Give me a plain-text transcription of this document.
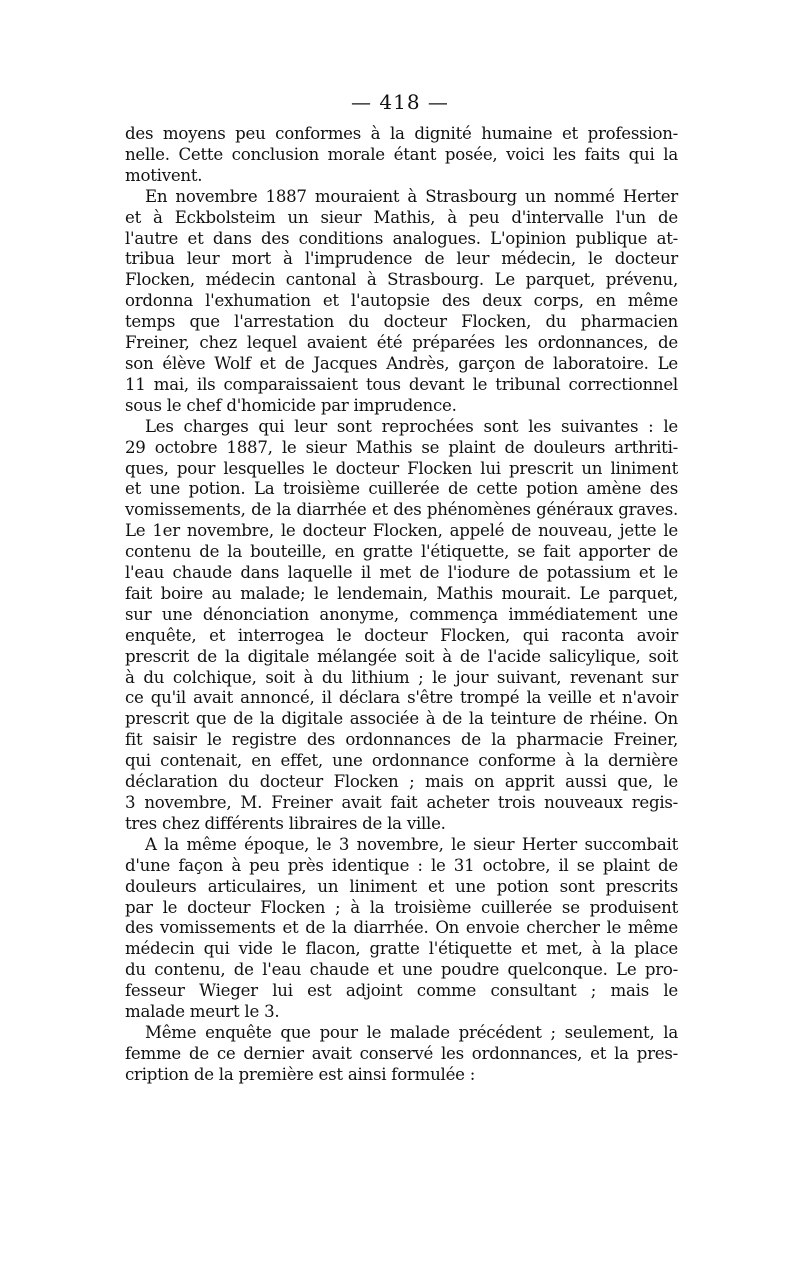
— 418 —
des moyens peu conformes à la dignité humaine et profession-
nelle. Cette conclusion morale étant posée, voici les faits qui la
motivent.
En novembre 1887 mouraient à Strasbourg un nommé Herter
et à Eckbolsteim un sieur Mathis, à peu d'intervalle l'un de
l'autre et dans des conditions analogues. L'opinion publique at-
tribua leur mort à l'imprudence de leur médecin, le docteur
Flocken, médecin cantonal à Strasbourg. Le parquet, prévenu,
ordonna l'exhumation et l'autopsie des deux corps, en même
temps que l'arrestation du docteur Flocken, du pharmacien
Freiner, chez lequel avaient été préparées les ordonnances, de
son élève Wolf et de Jacques Andrès, garçon de laboratoire. Le
11 mai, ils comparaissaient tous devant le tribunal correctionnel
sous le chef d'homicide par imprudence.
Les charges qui leur sont reprochées sont les suivantes : le
29 octobre 1887, le sieur Mathis se plaint de douleurs arthriti-
ques, pour lesquelles le docteur Flocken lui prescrit un liniment
et une potion. La troisième cuillerée de cette potion amène des
vomissements, de la diarrhée et des phénomènes généraux graves.
Le 1er novembre, le docteur Flocken, appelé de nouveau, jette le
contenu de la bouteille, en gratte l'étiquette, se fait apporter de
l'eau chaude dans laquelle il met de l'iodure de potassium et le
fait boire au malade; le lendemain, Mathis mourait. Le parquet,
sur une dénonciation anonyme, commença immédiatement une
enquête, et interrogea le docteur Flocken, qui raconta avoir
prescrit de la digitale mélangée soit à de l'acide salicylique, soit
à du colchique, soit à du lithium ; le jour suivant, revenant sur
ce qu'il avait annoncé, il déclara s'être trompé la veille et n'avoir
prescrit que de la digitale associée à de la teinture de rhéine. On
fit saisir le registre des ordonnances de la pharmacie Freiner,
qui contenait, en effet, une ordonnance conforme à la dernière
déclaration du docteur Flocken ; mais on apprit aussi que, le
3 novembre, M. Freiner avait fait acheter trois nouveaux regis-
tres chez différents libraires de la ville.
A la même époque, le 3 novembre, le sieur Herter succombait
d'une façon à peu près identique : le 31 octobre, il se plaint de
douleurs articulaires, un liniment et une potion sont prescrits
par le docteur Flocken ; à la troisième cuillerée se produisent
des vomissements et de la diarrhée. On envoie chercher le même
médecin qui vide le flacon, gratte l'étiquette et met, à la place
du contenu, de l'eau chaude et une poudre quelconque. Le pro-
fesseur Wieger lui est adjoint comme consultant ; mais le
malade meurt le 3.
Même enquête que pour le malade précédent ; seulement, la
femme de ce dernier avait conservé les ordonnances, et la pres-
cription de la première est ainsi formulée :
